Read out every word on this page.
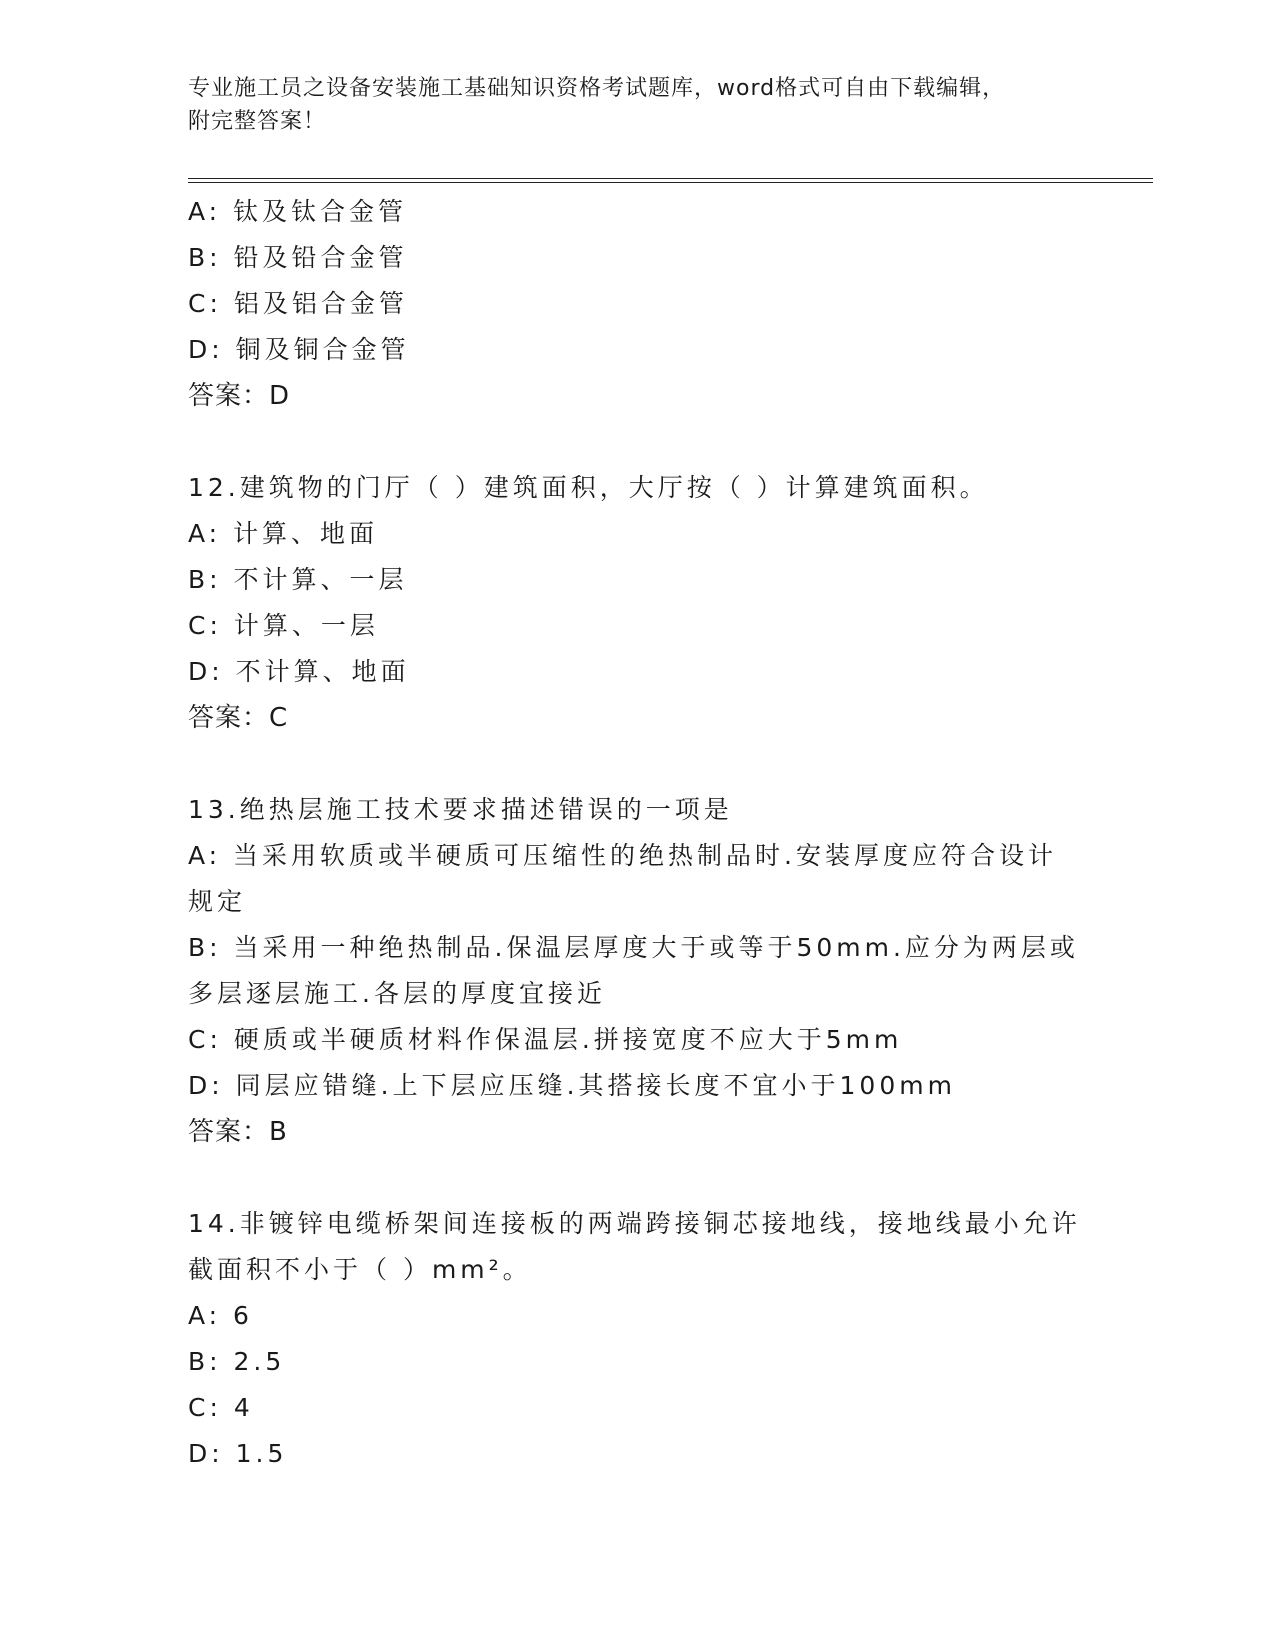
专业施工员之设备安装施工基础知识资格考试题库，word格式可自由下载编辑，
附完整答案！
A: 钛及钛合金管
B: 铅及铅合金管
C: 铝及铝合金管
D: 铜及铜合金管
答案：D
12.建筑物的门厅（ ）建筑面积，大厅按（ ）计算建筑面积。
A: 计算、地面
B: 不计算、一层
C: 计算、一层
D: 不计算、地面
答案：C
13.绝热层施工技术要求描述错误的一项是
A: 当采用软质或半硬质可压缩性的绝热制品时.安装厚度应符合设计规定
B: 当采用一种绝热制品.保温层厚度大于或等于50mm.应分为两层或多层逐层施工.各层的厚度宜接近
C: 硬质或半硬质材料作保温层.拼接宽度不应大于5mm
D: 同层应错缝.上下层应压缝.其搭接长度不宜小于100mm
答案：B
14.非镀锌电缆桥架间连接板的两端跨接铜芯接地线，接地线最小允许截面积不小于（ ）mm²。
A: 6
B: 2.5
C: 4
D: 1.5
